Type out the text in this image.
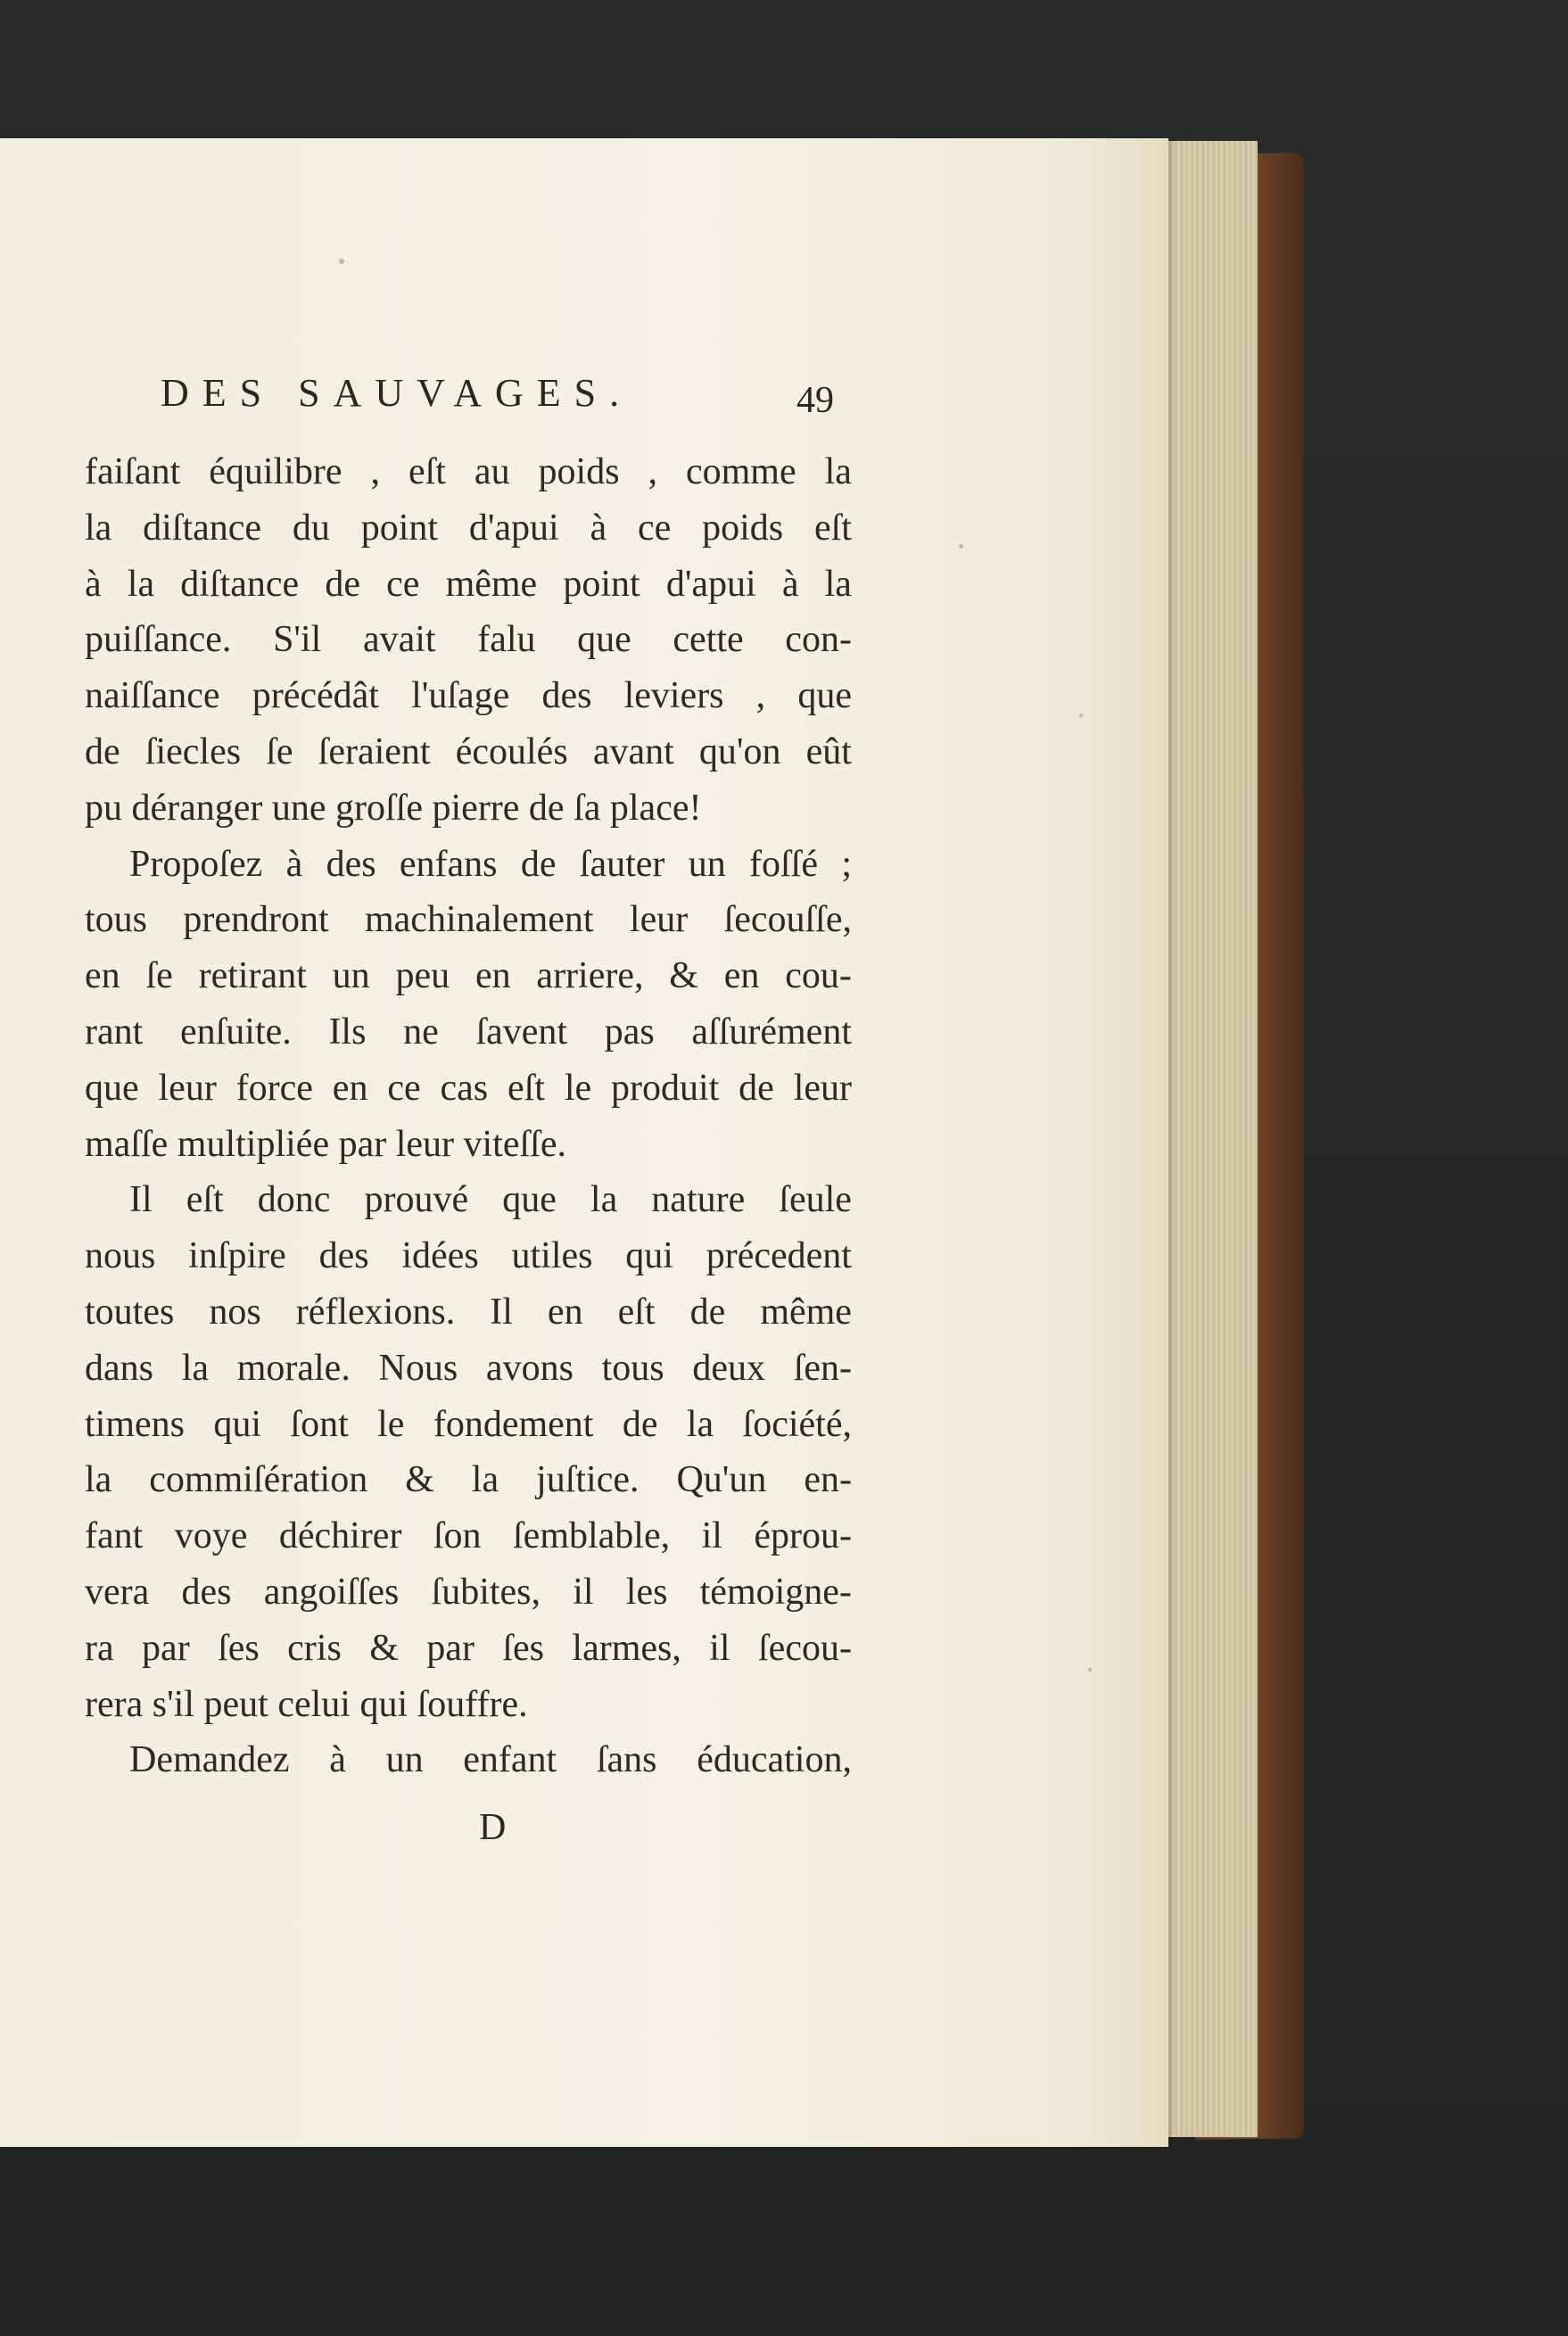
DES SAUVAGES.	49
faiſant équilibre , eſt au poids , comme la
la diſtance du point d'apui à ce poids eſt
à la diſtance de ce même point d'apui à la
puiſſance. S'il avait falu que cette con-
naiſſance précédât l'uſage des leviers , que
de ſiecles ſe ſeraient écoulés avant qu'on eût
pu déranger une groſſe pierre de ſa place!
Propoſez à des enfans de ſauter un foſſé ;
tous prendront machinalement leur ſecouſſe,
en ſe retirant un peu en arriere, & en cou-
rant enſuite. Ils ne ſavent pas aſſurément
que leur force en ce cas eſt le produit de leur
maſſe multipliée par leur viteſſe.
Il eſt donc prouvé que la nature ſeule
nous inſpire des idées utiles qui précedent
toutes nos réflexions. Il en eſt de même
dans la morale. Nous avons tous deux ſen-
timens qui ſont le fondement de la ſociété,
la commiſération & la juſtice. Qu'un en-
fant voye déchirer ſon ſemblable, il éprou-
vera des angoiſſes ſubites, il les témoigne-
ra par ſes cris & par ſes larmes, il ſecou-
rera s'il peut celui qui ſouffre.
Demandez à un enfant ſans éducation,
D
